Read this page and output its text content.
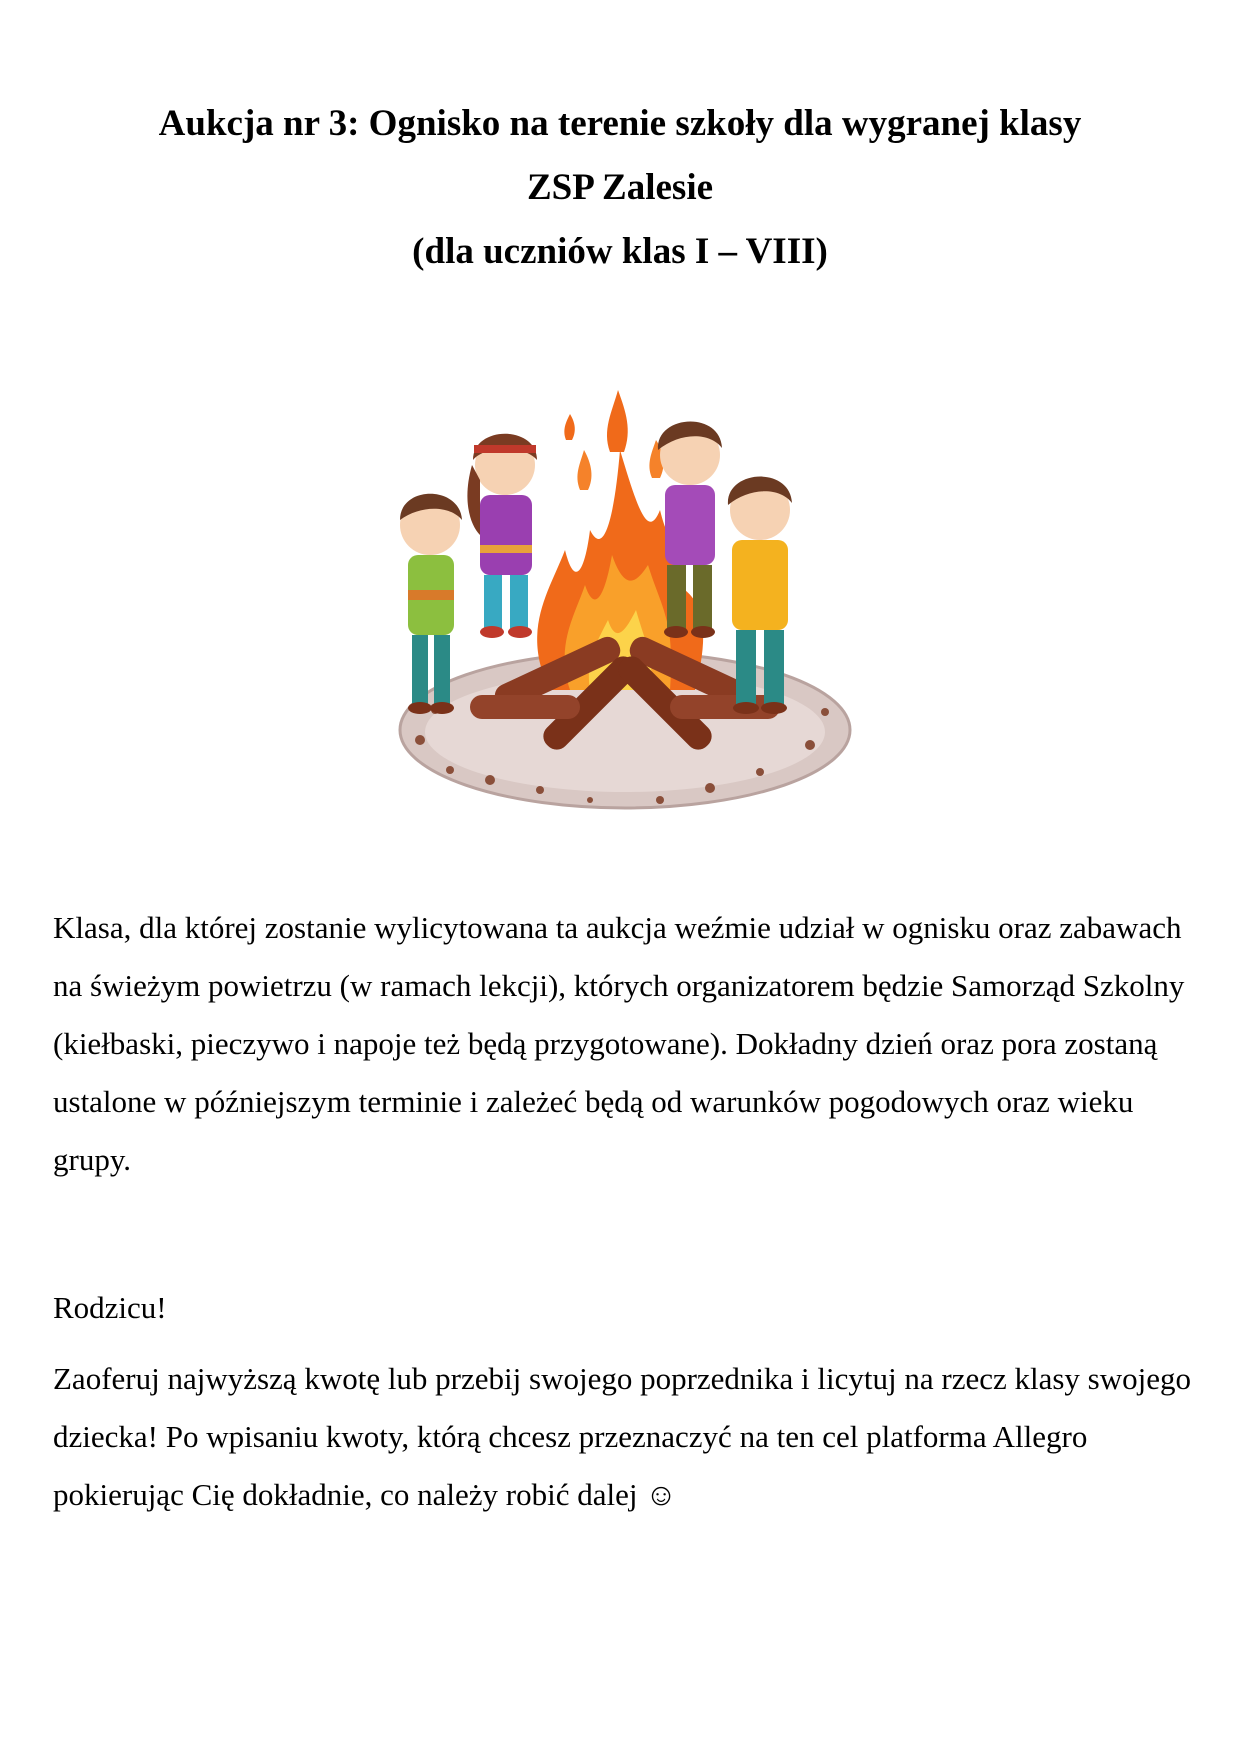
Aukcja nr 3: Ognisko na terenie szkoły dla wygranej klasy
ZSP Zalesie
(dla uczniów klas I – VIII)

Klasa, dla której zostanie wylicytowana ta aukcja weźmie udział w ognisku oraz zabawach na świeżym powietrzu (w ramach lekcji), których organizatorem będzie Samorząd Szkolny (kiełbaski, pieczywo i napoje też będą przygotowane). Dokładny dzień oraz pora zostaną ustalone w późniejszym terminie i zależeć będą od warunków pogodowych oraz wieku grupy.

Rodzicu!

Zaoferuj najwyższą kwotę lub przebij swojego poprzednika i licytuj na rzecz klasy swojego dziecka! Po wpisaniu kwoty, którą chcesz przeznaczyć na ten cel platforma Allegro pokierując Cię dokładnie, co należy robić dalej ☺
